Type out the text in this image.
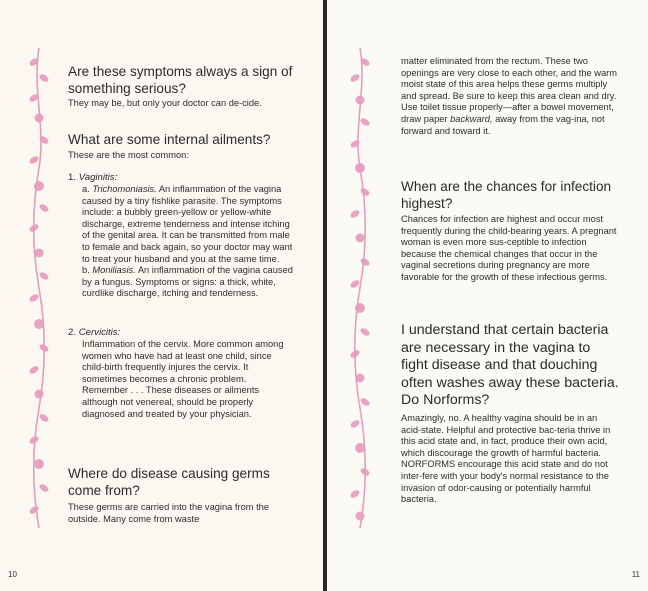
Are these symptoms always a sign of something serious?

They may be, but only your doctor can de-cide.

What are some internal ailments?

These are the most common:

1. Vaginitis:

a. Trichomoniasis. An inflammation of the vagina caused by a tiny fishlike parasite. The symptoms include: a bubbly green-yellow or yellow-white discharge, extreme tenderness and intense itching of the genital area. It can be transmitted from male to female and back again, so your doctor may want to treat your husband and you at the same time.

b. Moniliasis. An inflammation of the vagina caused by a fungus. Symptoms or signs: a thick, white, curdlike discharge, itching and tenderness.

2. Cervicitis:

Inflammation of the cervix. More common among women who have had at least one child, since child-birth frequently injures the cervix. It sometimes becomes a chronic problem.

Remember . . . These diseases or ailments although not venereal, should be properly diagnosed and treated by your physician.

Where do disease causing germs come from?

These germs are carried into the vagina from the outside. Many come from waste

10

matter eliminated from the rectum. These two openings are very close to each other, and the warm moist state of this area helps these germs multiply and spread. Be sure to keep this area clean and dry. Use toilet tissue properly—after a bowel movement, draw paper backward, away from the vag-ina, not forward and toward it.

When are the chances for infection highest?

Chances for infection are highest and occur most frequently during the child-bearing years. A pregnant woman is even more sus-ceptible to infection because the chemical changes that occur in the vaginal secretions during pregnancy are more favorable for the growth of these infectious germs.

I understand that certain bacteria are necessary in the vagina to fight disease and that douching often washes away these bacteria. Do Norforms?

Amazingly, no. A healthy vagina should be in an acid-state. Helpful and protective bac-teria thrive in this acid state and, in fact, produce their own acid, which discourage the growth of harmful bacteria. NORFORMS encourage this acid state and do not inter-fere with your body's normal resistance to the invasion of odor-causing or potentially harmful bacteria.

11
